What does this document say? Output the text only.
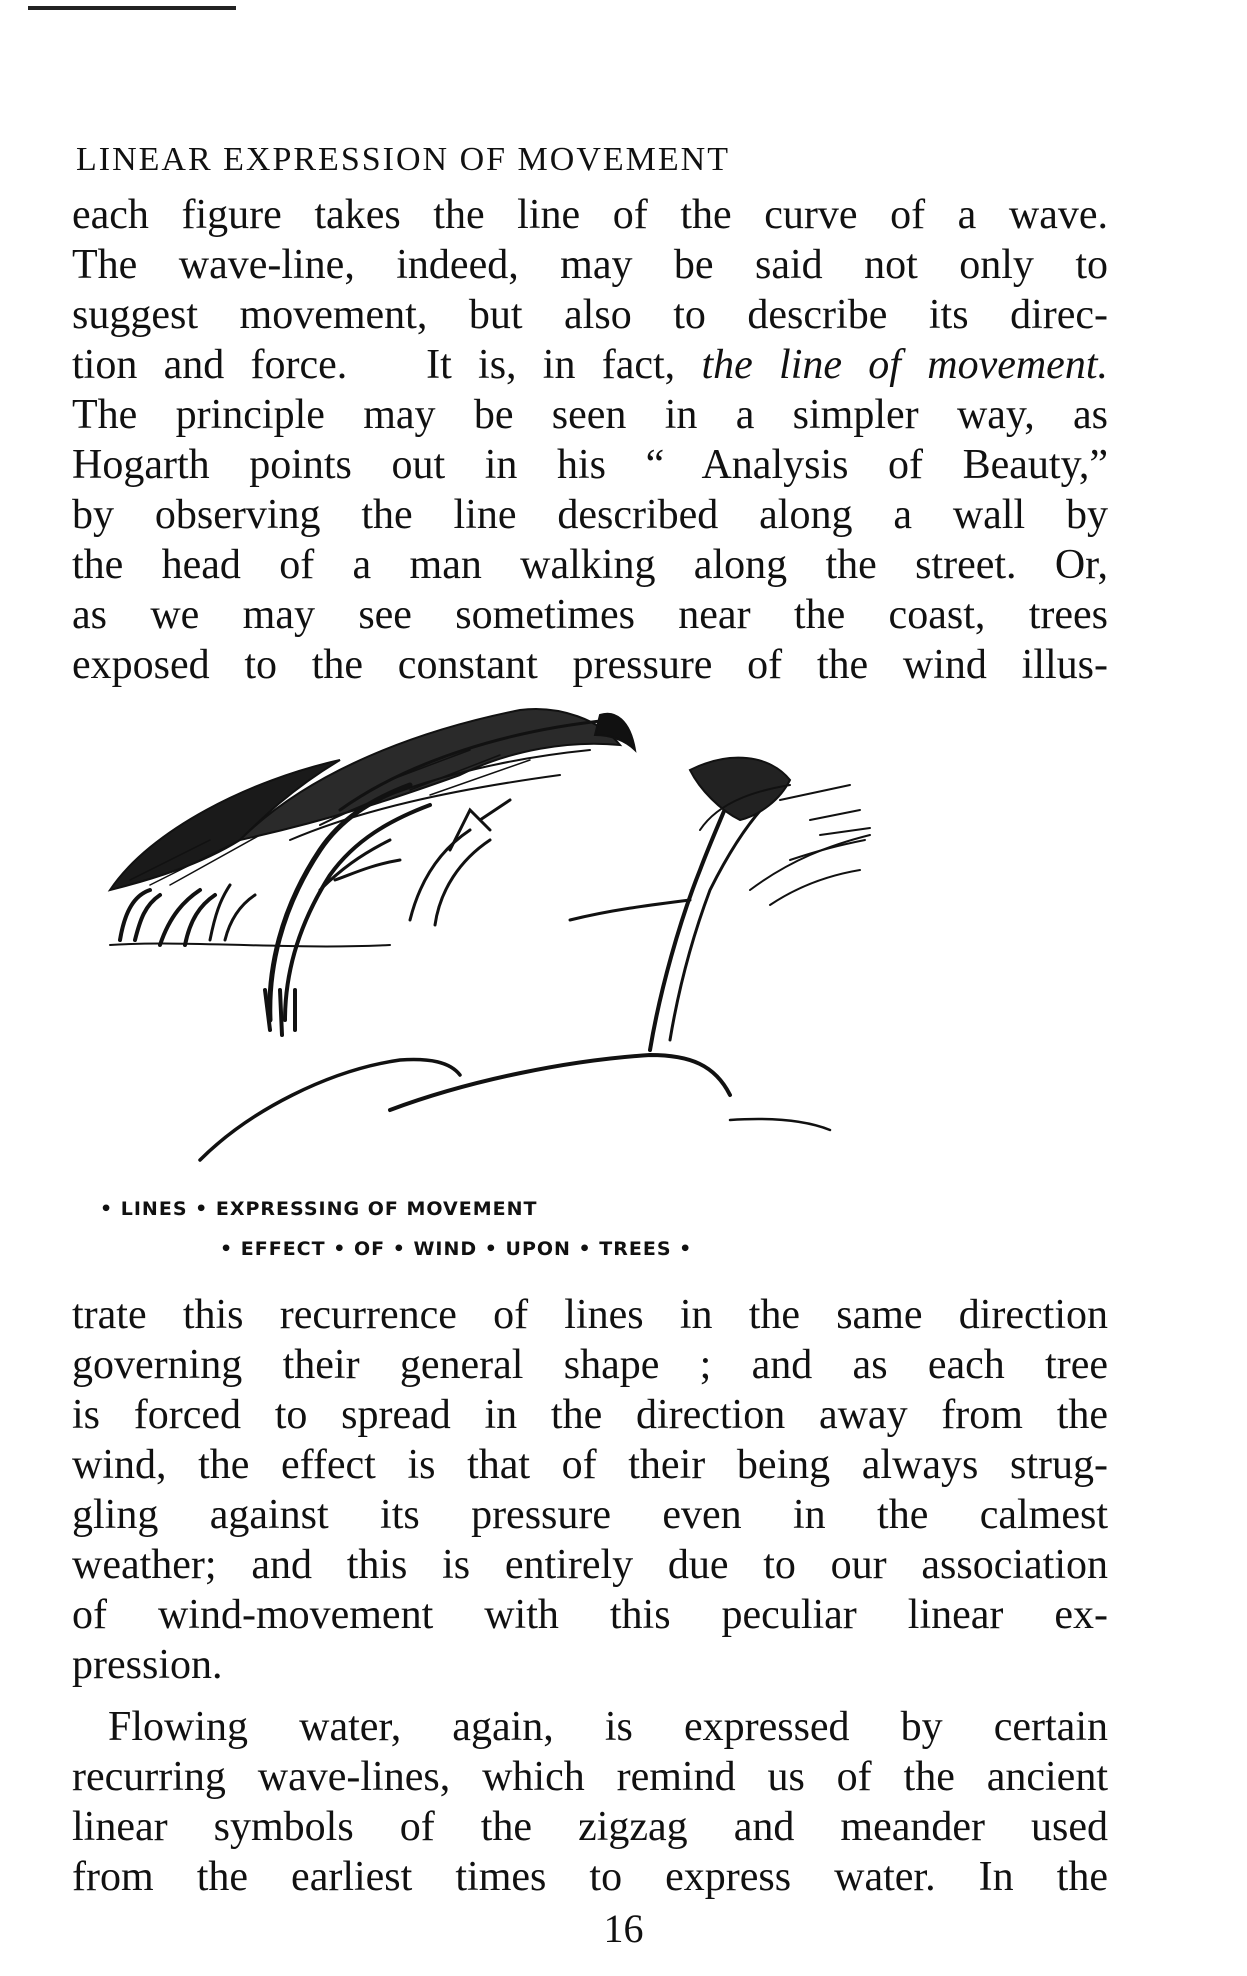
LINEAR EXPRESSION OF MOVEMENT
each figure takes the line of the curve of a wave.
The wave-line, indeed, may be said not only to
suggest movement, but also to describe its direc-
tion and force. It is, in fact, the line of movement.
The principle may be seen in a simpler way, as
Hogarth points out in his “ Analysis of Beauty,”
by observing the line described along a wall by
the head of a man walking along the street. Or,
as we may see sometimes near the coast, trees
exposed to the constant pressure of the wind illus-
• LINES • EXPRESSING OF MOVEMENT
• EFFECT • OF • WIND • UPON • TREES •
trate this recurrence of lines in the same direction
governing their general shape ; and as each tree
is forced to spread in the direction away from the
wind, the effect is that of their being always strug-
gling against its pressure even in the calmest
weather; and this is entirely due to our association
of wind-movement with this peculiar linear ex-
pression.
Flowing water, again, is expressed by certain
recurring wave-lines, which remind us of the ancient
linear symbols of the zigzag and meander used
from the earliest times to express water. In the
16
